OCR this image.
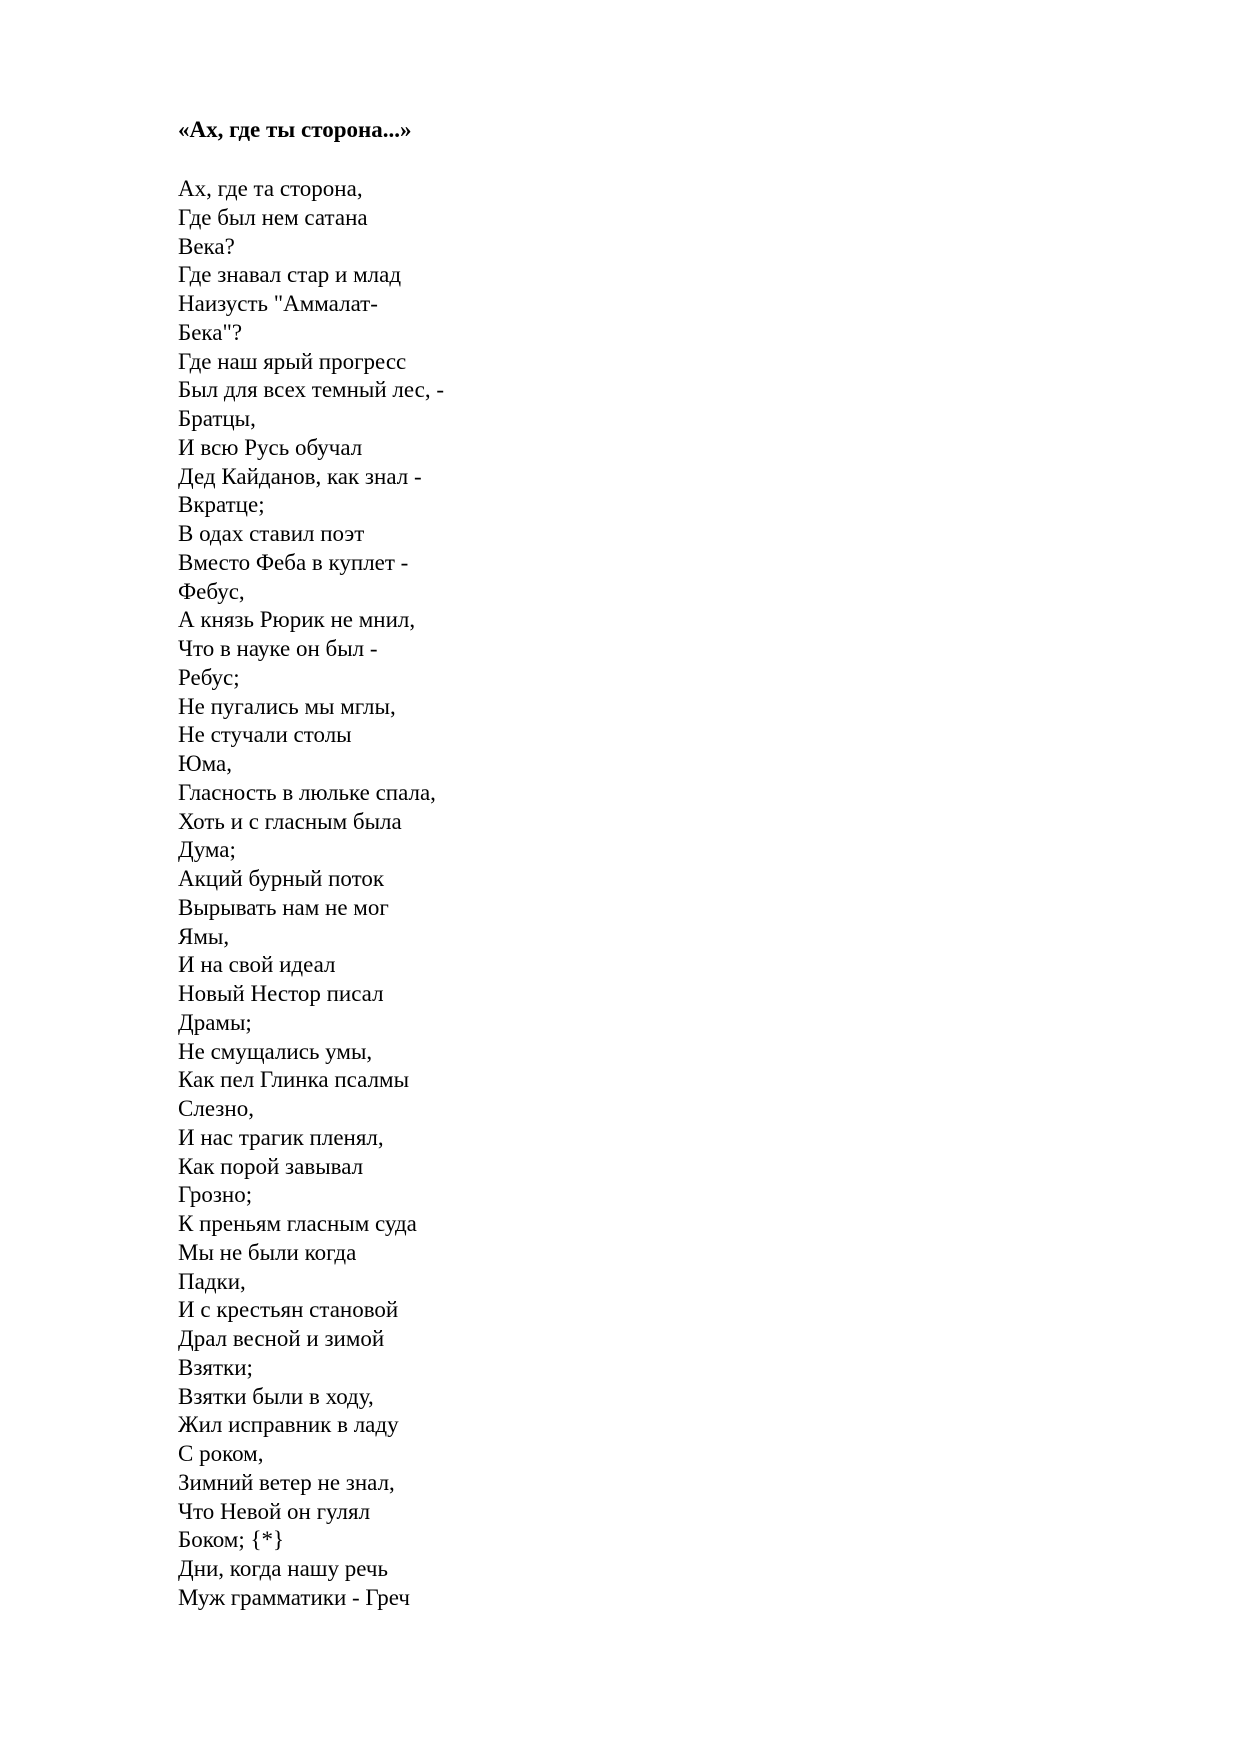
«Ах, где ты сторона...»
Ах, где та сторона,
Где был нем сатана
Века?
Где знавал стар и млад
Наизусть "Аммалат-
Бека"?
Где наш ярый прогресс
Был для всех темный лес, -
Братцы,
И всю Русь обучал
Дед Кайданов, как знал -
Вкратце;
В одах ставил поэт
Вместо Феба в куплет -
Фебус,
А князь Рюрик не мнил,
Что в науке он был -
Ребус;
Не пугались мы мглы,
Не стучали столы
Юма,
Гласность в люльке спала,
Хоть и с гласным была
Дума;
Акций бурный поток
Вырывать нам не мог
Ямы,
И на свой идеал
Новый Нестор писал
Драмы;
Не смущались умы,
Как пел Глинка псалмы
Слезно,
И нас трагик пленял,
Как порой завывал
Грозно;
К преньям гласным суда
Мы не были когда
Падки,
И с крестьян становой
Драл весной и зимой
Взятки;
Взятки были в ходу,
Жил исправник в ладу
С роком,
Зимний ветер не знал,
Что Невой он гулял
Боком; {*}
Дни, когда нашу речь
Муж грамматики - Греч
